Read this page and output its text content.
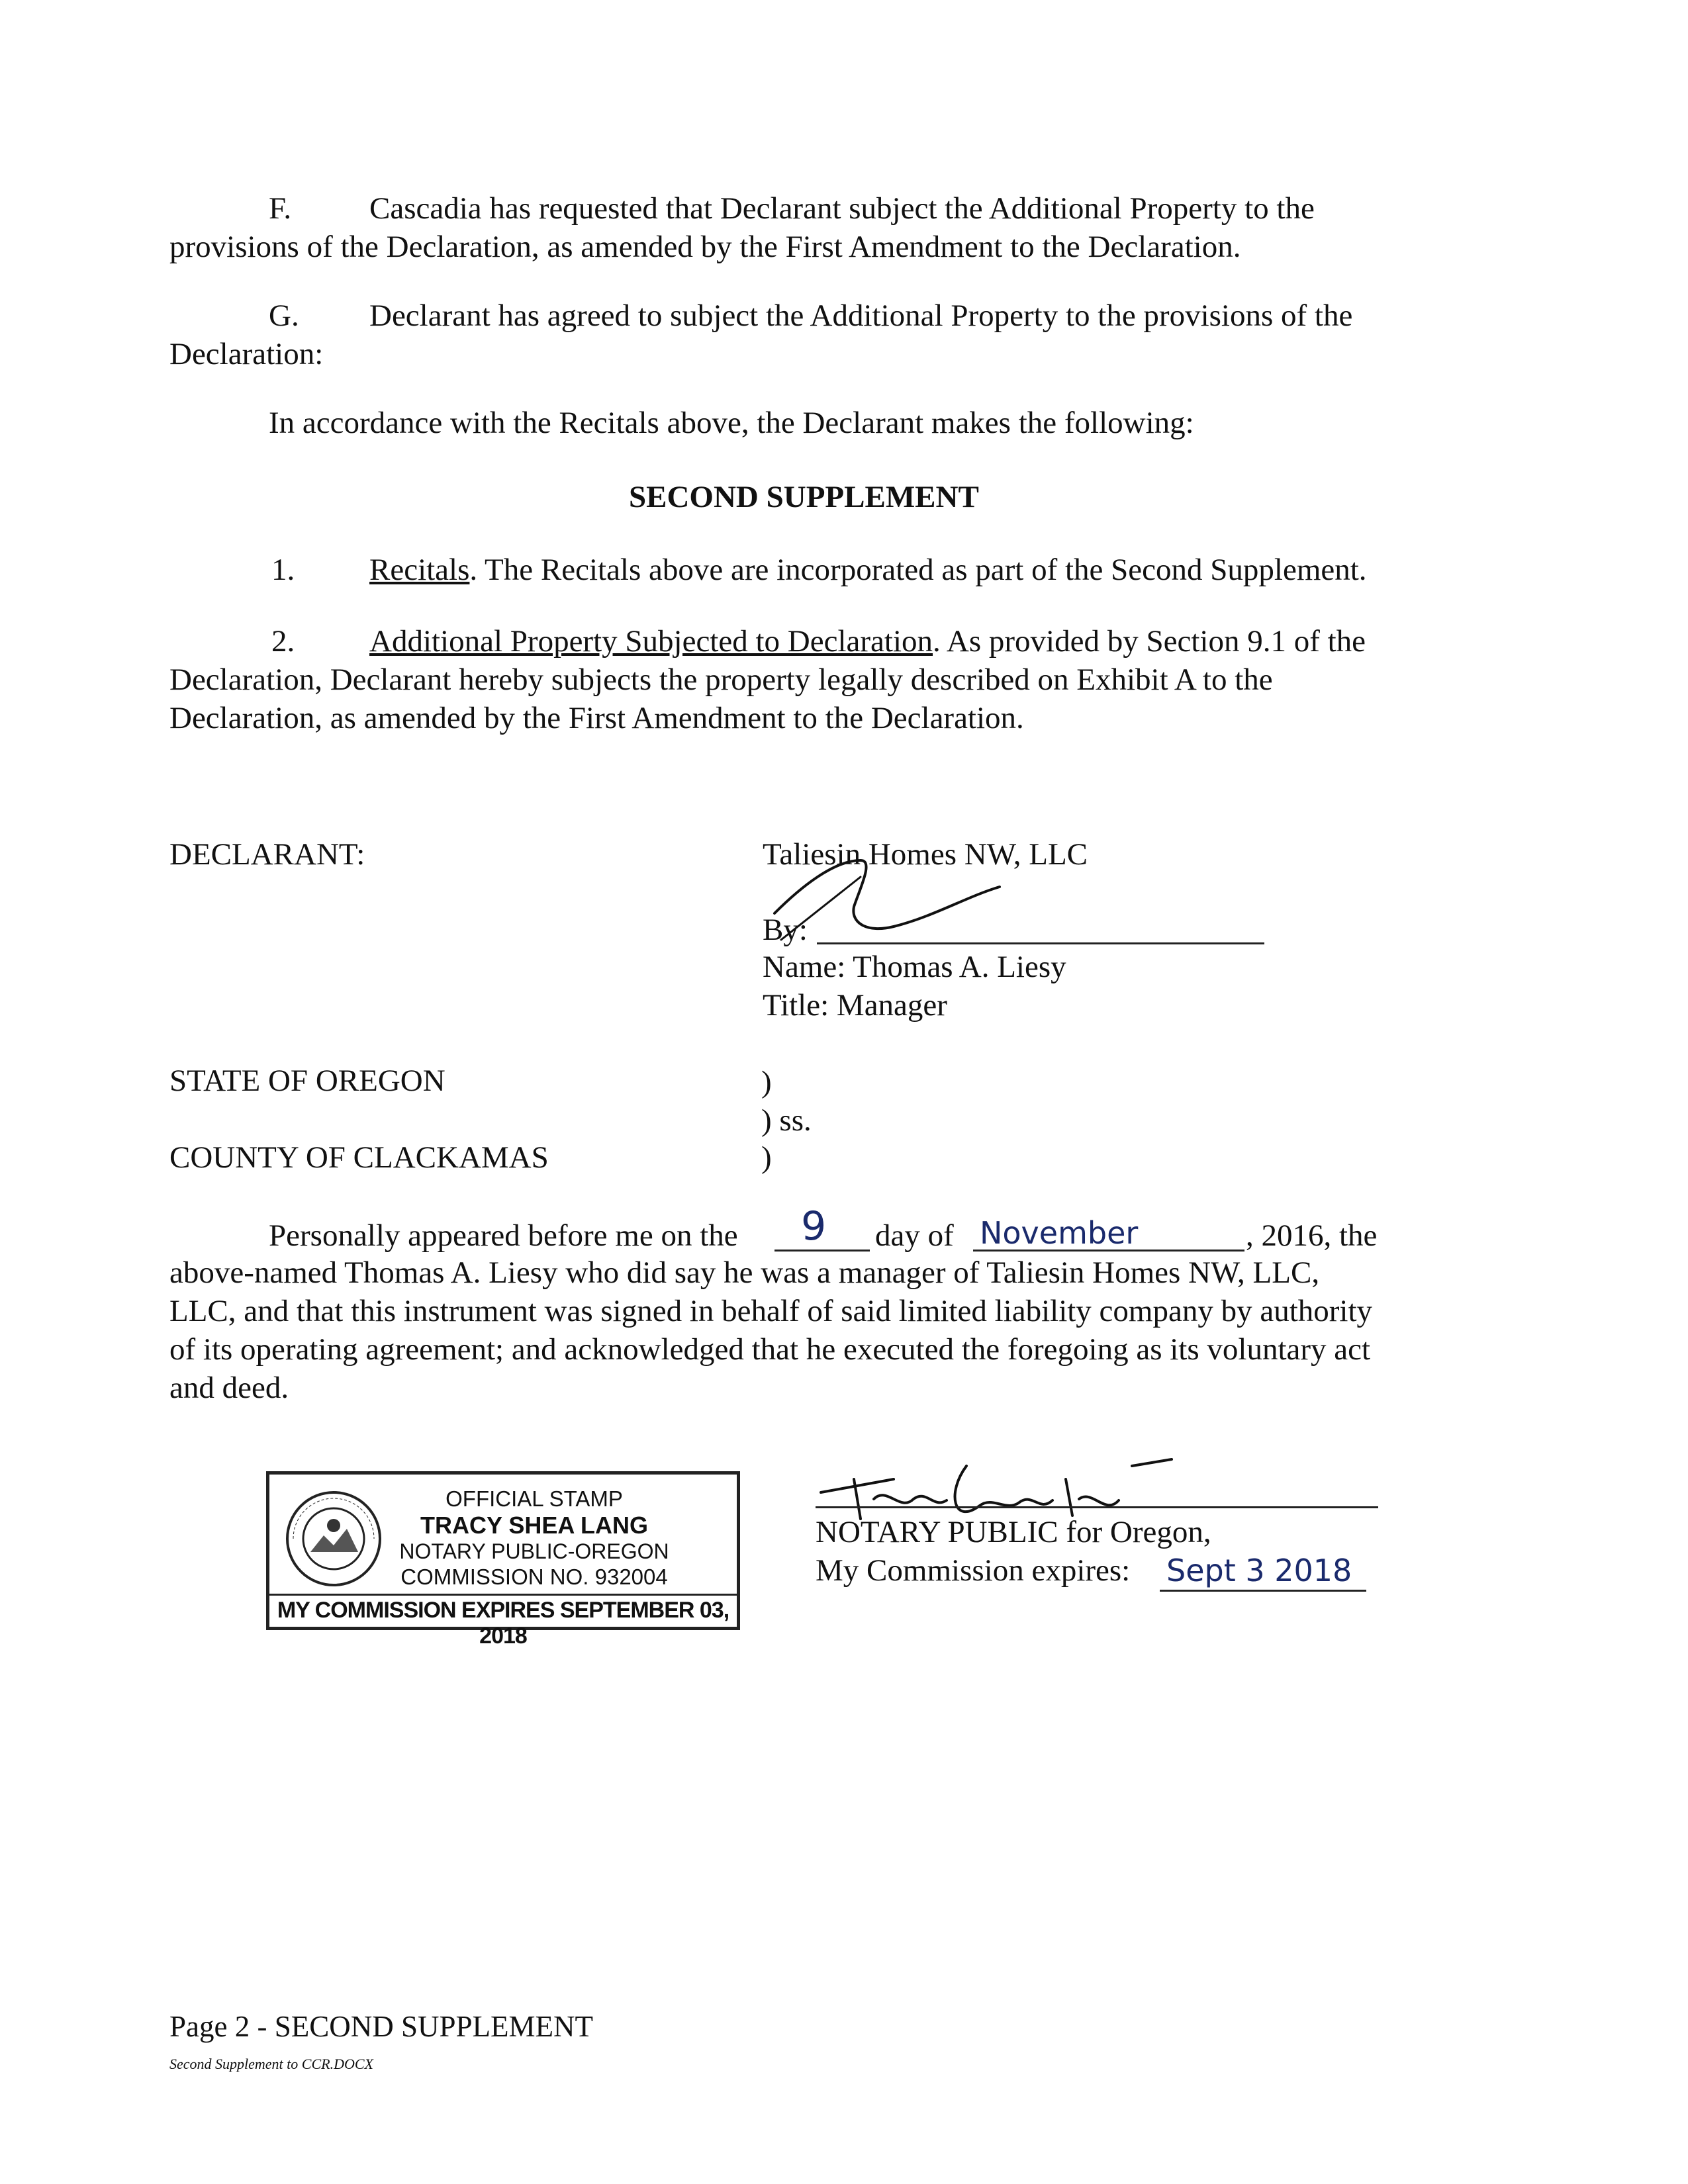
F.	Cascadia has requested that Declarant subject the Additional Property to the
provisions of the Declaration, as amended by the First Amendment to the Declaration.
G. Declarant has agreed to subject the Additional Property to the provisions of the
Declaration:
In accordance with the Recitals above, the Declarant makes the following:
SECOND SUPPLEMENT
1. Recitals. The Recitals above are incorporated as part of the Second Supplement.
2. Additional Property Subjected to Declaration. As provided by Section 9.1 of the
Declaration, Declarant hereby subjects the property legally described on Exhibit A to the
Declaration, as amended by the First Amendment to the Declaration.
DECLARANT:	Taliesin Homes NW, LLC
By:
Name: Thomas A. Liesy
Title: Manager
STATE OF OREGON	)
) ss.
COUNTY OF CLACKAMAS	)
Personally appeared before me on the 9 day of November	, 2016, the
above-named Thomas A. Liesy who did say he was a manager of Taliesin Homes NW, LLC,
LLC, and that this instrument was signed in behalf of said limited liability company by authority
of its operating agreement; and acknowledged that he executed the foregoing as its voluntary act
and deed.
OFFICIAL STAMP
TRACY SHEA LANG
NOTARY PUBLIC-OREGON
COMMISSION NO. 932004
MY COMMISSION EXPIRES SEPTEMBER 03, 2018
NOTARY PUBLIC for Oregon,
My Commission expires: Sept 3 2018
Page 2 - SECOND SUPPLEMENT
Second Supplement to CCR.DOCX
